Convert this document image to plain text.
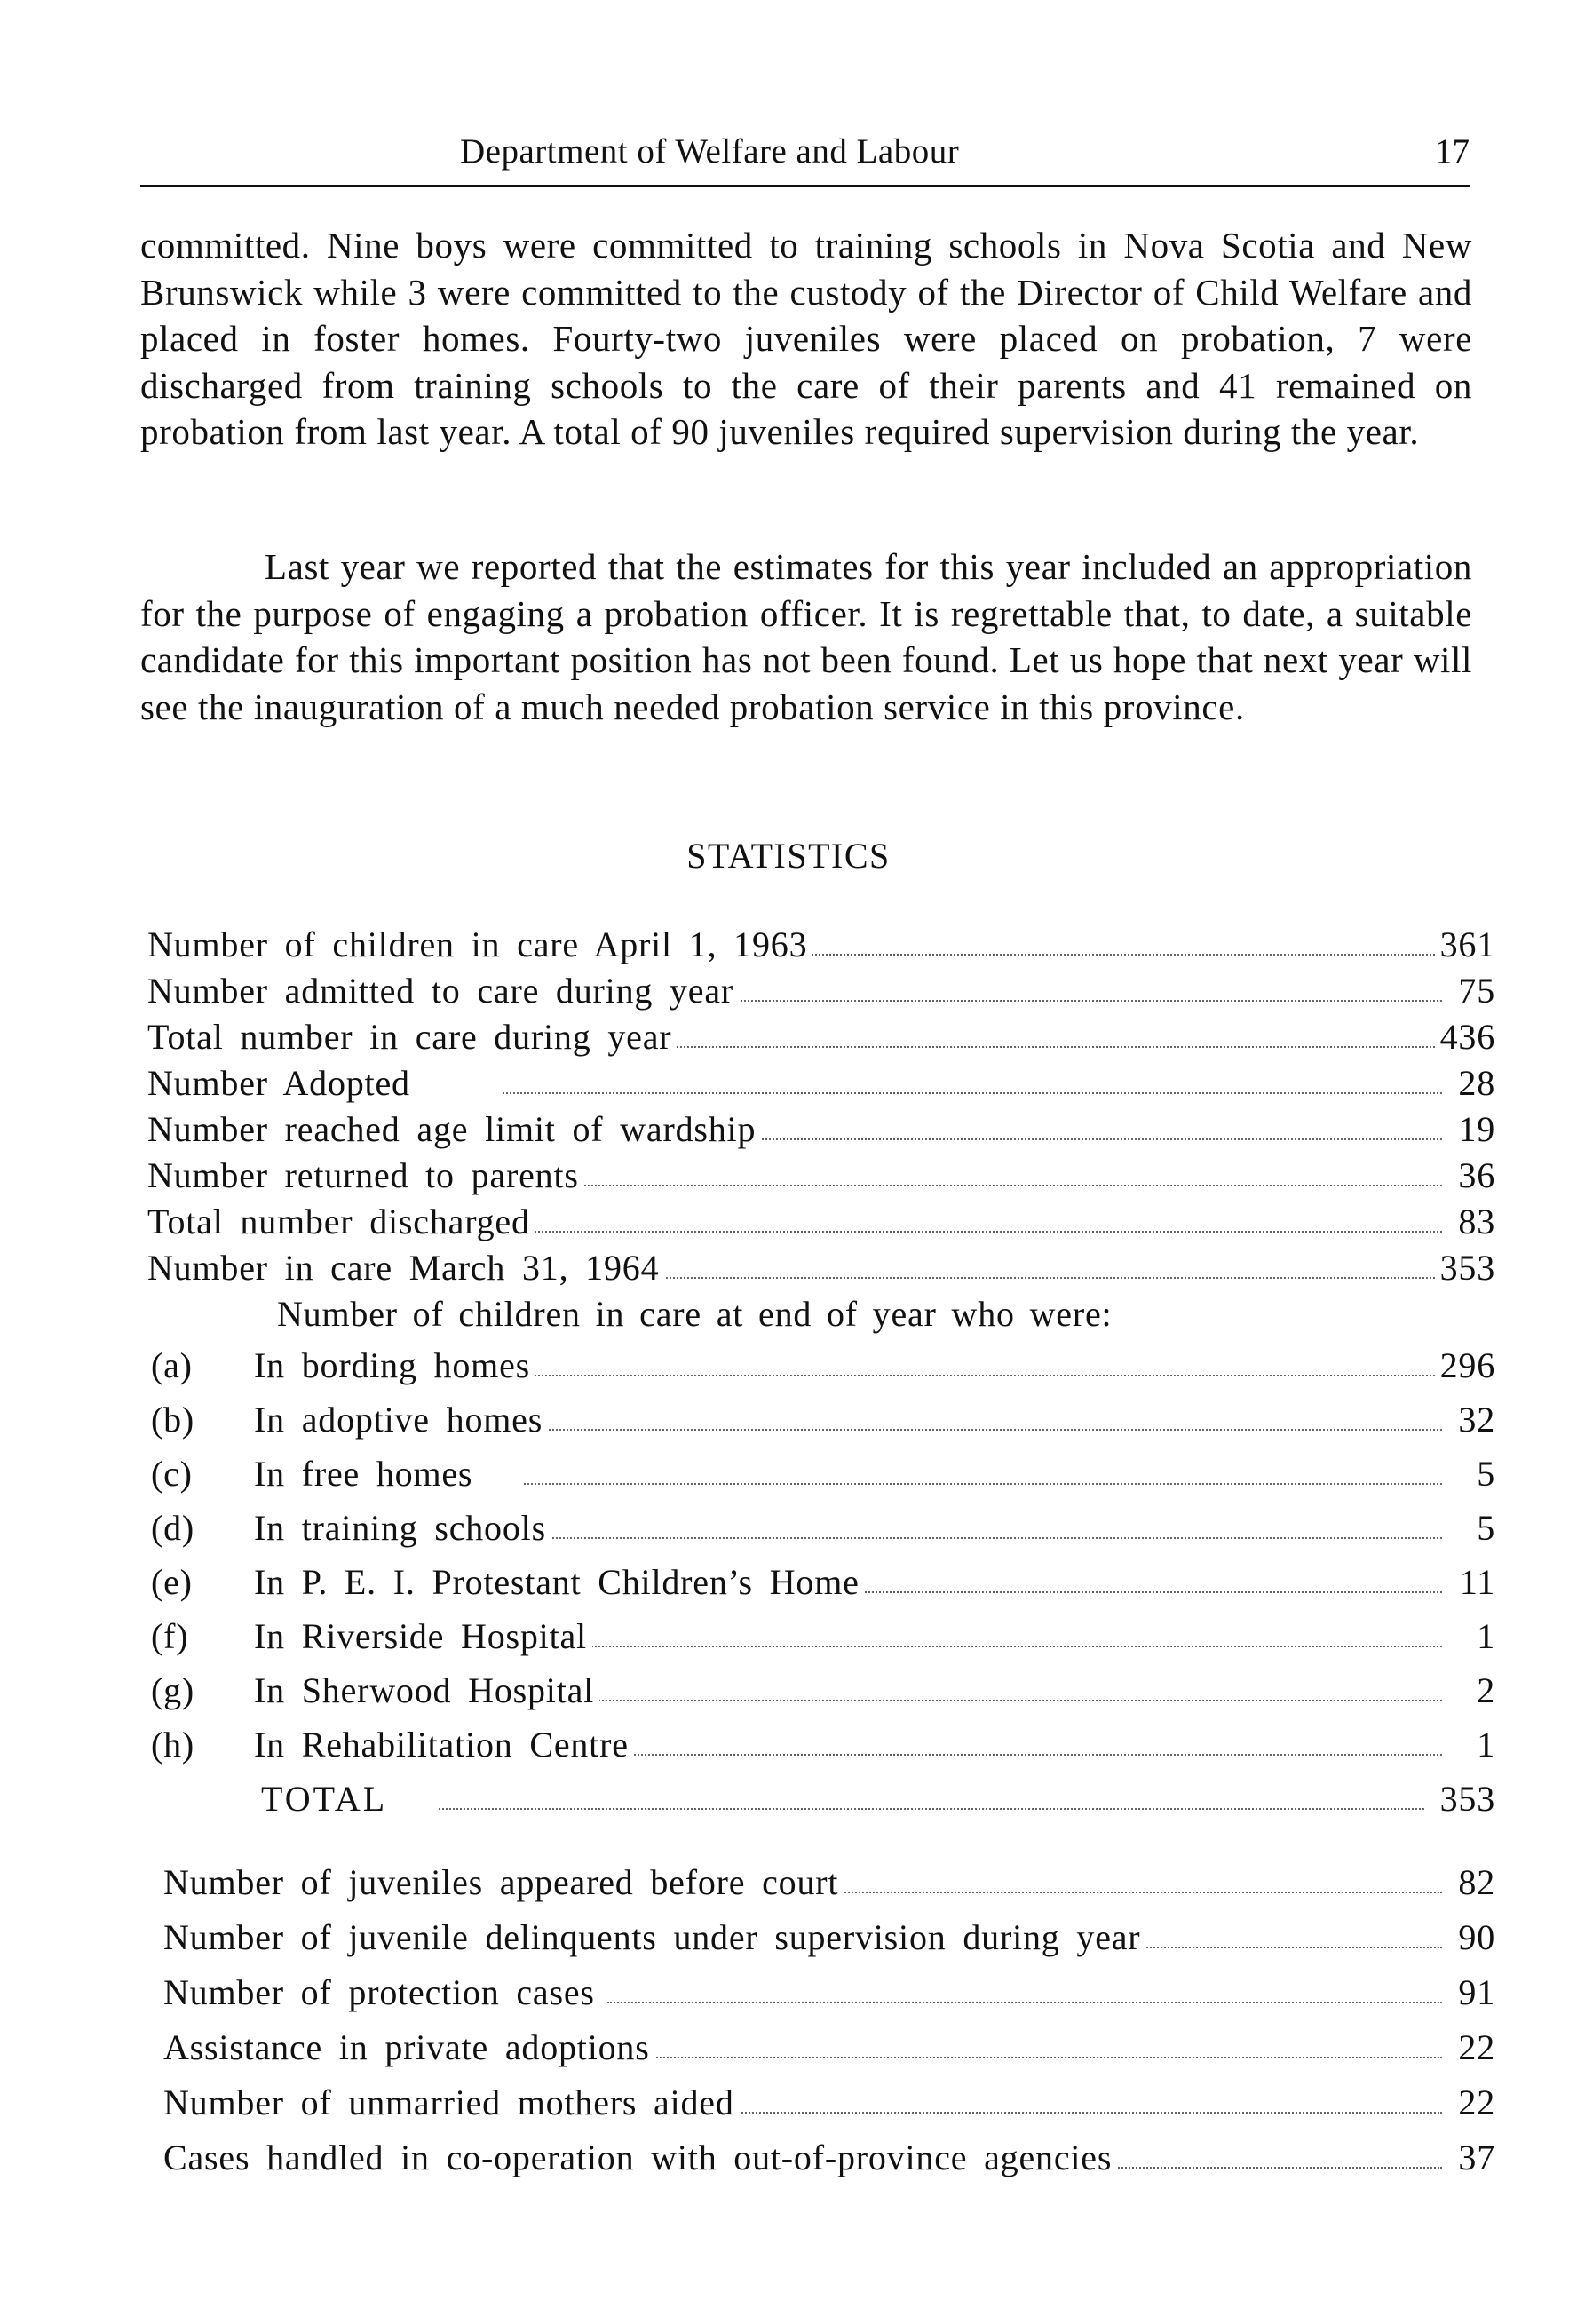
Department of Welfare and Labour	17

committed. Nine boys were committed to training schools in Nova Scotia and New Brunswick while 3 were committed to the custody of the Director of Child Welfare and placed in foster homes. Fourty-two juveniles were placed on probation, 7 were discharged from training schools to the care of their parents and 41 remained on probation from last year. A total of 90 juveniles required supervision during the year.

Last year we reported that the estimates for this year included an appropriation for the purpose of engaging a probation officer. It is regrettable that, to date, a suitable candidate for this important position has not been found. Let us hope that next year will see the inauguration of a much needed probation service in this province.

STATISTICS
Number of children in care April 1, 1963	361
Number admitted to care during year	75
Total number in care during year	436
Number Adopted	28
Number reached age limit of wardship	19
Number returned to parents	36
Total number discharged	83
Number in care March 31, 1964	353
Number of children in care at end of year who were:
(a) In bording homes	296
(b) In adoptive homes	32
(c) In free homes	5
(d) In training schools	5
(e) In P. E. I. Protestant Children’s Home	11
(f) In Riverside Hospital	1
(g) In Sherwood Hospital	2
(h) In Rehabilitation Centre	1
TOTAL	353
Number of juveniles appeared before court	82
Number of juvenile delinquents under supervision during year	90
Number of protection cases	91
Assistance in private adoptions	22
Number of unmarried mothers aided	22
Cases handled in co-operation with out-of-province agencies	37
